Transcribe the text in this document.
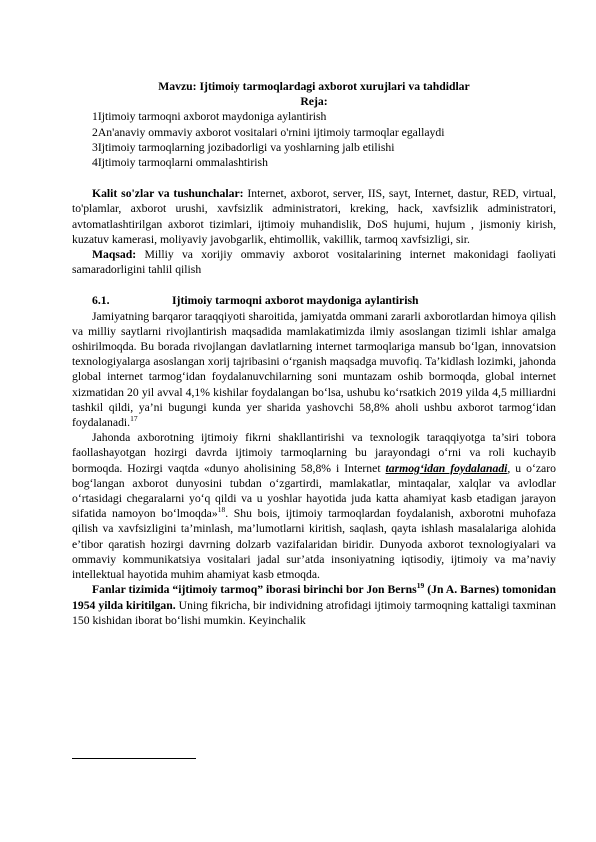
Mavzu: Ijtimoiy tarmoqlardagi axborot xurujlari va tahdidlar
Reja:
1Ijtimoiy tarmoqni axborot maydoniga aylantirish
2An'anaviy ommaviy axborot vositalari o'rnini ijtimoiy tarmoqlar egallaydi
3Ijtimoiy tarmoqlarning jozibadorligi va yoshlarning jalb etilishi
4Ijtimoiy tarmoqlarni ommalashtirish

Kalit so'zlar va tushunchalar: Internet, axborot, server, IIS, sayt, Internet, dastur, RED, virtual, to'plamlar, axborot urushi, xavfsizlik administratori, kreking, hack, xavfsizlik administratori, avtomatlashtirilgan axborot tizimlari, ijtimoiy muhandislik, DoS hujumi, hujum , jismoniy kirish, kuzatuv kamerasi, moliyaviy javobgarlik, ehtimollik, vakillik, tarmoq xavfsizligi, sir.

Maqsad: Milliy va xorijiy ommaviy axborot vositalarining internet makonidagi faoliyati samaradorligini tahlil qilish

6.1.	Ijtimoiy tarmoqni axborot maydoniga aylantirish

Jamiyatning barqaror taraqqiyoti sharoitida, jamiyatda ommani zararli axborotlardan himoya qilish va milliy saytlarni rivojlantirish maqsadida mamlakatimizda ilmiy asoslangan tizimli ishlar amalga oshirilmoqda. Bu borada rivojlangan davlatlarning internet tarmoqlariga mansub bo‘lgan, innovatsion texnologiyalarga asoslangan xorij tajribasini o‘rganish maqsadga muvofiq. Ta’kidlash lozimki, jahonda global internet tarmog‘idan foydalanuvchilarning soni muntazam oshib bormoqda, global internet xizmatidan 20 yil avval 4,1% kishilar foydalangan bo‘lsa, ushubu ko‘rsatkich 2019 yilda 4,5 milliardni tashkil qildi, ya’ni bugungi kunda yer sharida yashovchi 58,8% aholi ushbu axborot tarmog‘idan foydalanadi.$^{17}$

Jahonda axborotning ijtimoiy fikrni shakllantirishi va texnologik taraqqiyotga ta’siri tobora faollashayotgan hozirgi davrda ijtimoiy tarmoqlarning bu jarayondagi o‘rni va roli kuchayib bormoqda. Hozirgi vaqtda «dunyo aholisining 58,8% i Internet tarmog‘idan foydalanadi, u o‘zaro bog‘langan axborot dunyosini tubdan o‘zgartirdi, mamlakatlar, mintaqalar, xalqlar va avlodlar o‘rtasidagi chegaralarni yo‘q qildi va u yoshlar hayotida juda katta ahamiyat kasb etadigan jarayon sifatida namoyon bo‘lmoqda»$^{18}$. Shu bois, ijtimoiy tarmoqlardan foydalanish, axborotni muhofaza qilish va xavfsizligini ta’minlash, ma’lumotlarni kiritish, saqlash, qayta ishlash masalalariga alohida e’tibor qaratish hozirgi davrning dolzarb vazifalaridan biridir. Dunyoda axborot texnologiyalari va ommaviy kommunikatsiya vositalari jadal sur’atda insoniyatning iqtisodiy, ijtimoiy va ma’naviy intellektual hayotida muhim ahamiyat kasb etmoqda.

Fanlar tizimida “ijtimoiy tarmoq” iborasi birinchi bor Jon Berns$^{19}$ (Jn A. Barnes) tomonidan 1954 yilda kiritilgan. Uning fikricha, bir individning atrofidagi ijtimoiy tarmoqning kattaligi taxminan 150 kishidan iborat bo‘lishi mumkin. Keyinchalik
